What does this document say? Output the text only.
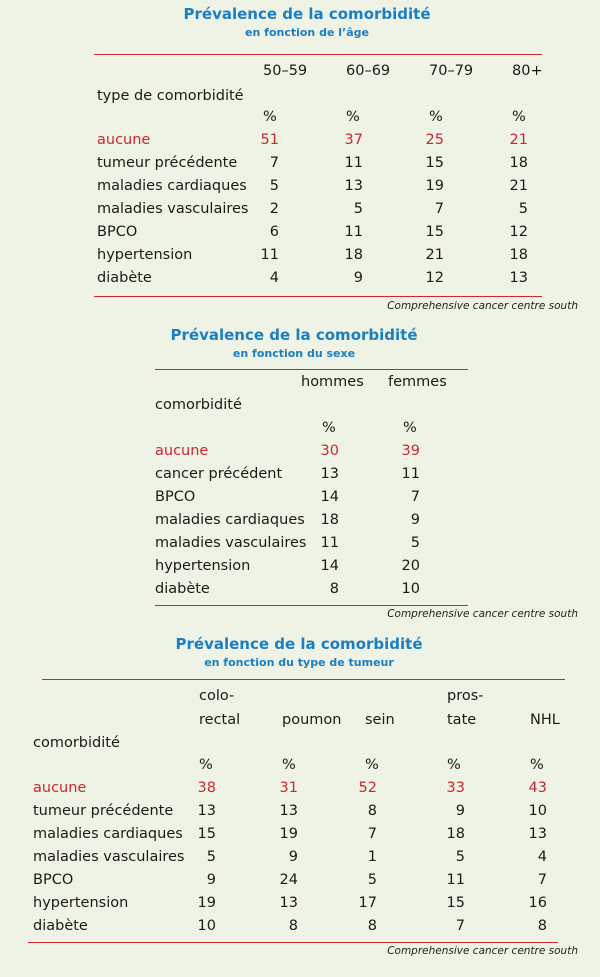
Prévalence de la comorbidité
en fonction de l’âge
50–59	60–69	70–79	80+
type de comorbidité
%	%	%	%
aucune	51	37	25	21
tumeur précédente	7	11	15	18
maladies cardiaques	5	13	19	21
maladies vasculaires	2	5	7	5
BPCO	6	11	15	12
hypertension	11	18	21	18
diabète	4	9	12	13
Comprehensive cancer centre south
Prévalence de la comorbidité
en fonction du sexe
hommes femmes
comorbidité
%	%
aucune	30	39
cancer précédent	13	11
BPCO	14	7
maladies cardiaques	18	9
maladies vasculaires 11	5
hypertension	14	20
diabète	8	10
Comprehensive cancer centre south
Prévalence de la comorbidité
en fonction du type de tumeur
colo-	pros-
rectal	poumon sein	tate	NHL
comorbidité
%	%	%	%	%
aucune	38	31	52	33	43
tumeur précédente	13	13	8	9	10
maladies cardiaques	15	19	7	18	13
maladies vasculaires	5	9	1	5	4
BPCO	9	24	5	11	7
hypertension	19	13	17	15	16
diabète	10	8	8	7	8
Comprehensive cancer centre south
